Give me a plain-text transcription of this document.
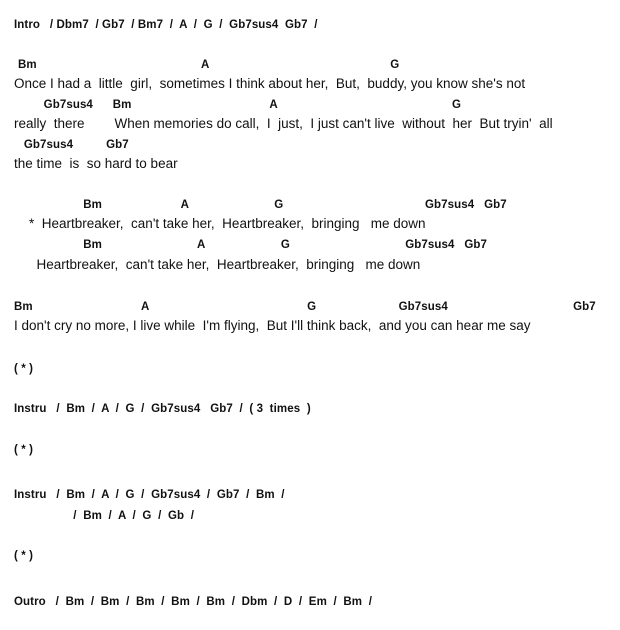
Intro   / Dbm7  / Gb7  / Bm7  /  A  /  G  /  Gb7sus4  Gb7  /
Bm                                                  A                                                       G
Once I had a  little  girl,  sometimes I think about her,  But,  buddy, you know she's not
Gb7sus4      Bm                                          A                                                     G
really  there        When memories do call,  I  just,  I just can't live  without  her  But tryin'  all
Gb7sus4          Gb7
the time  is  so hard to bear
Bm                        A                          G                                           Gb7sus4   Gb7
*  Heartbreaker,  can't take her,  Heartbreaker,  bringing   me down
Bm                             A                       G                                   Gb7sus4   Gb7
Heartbreaker,  can't take her,  Heartbreaker,  bringing   me down
Bm                                 A                                                G                         Gb7sus4                                      Gb7
I don't cry no more, I live while  I'm flying,  But I'll think back,  and you can hear me say
( * )
Instru   /  Bm  /  A  /  G  /  Gb7sus4   Gb7  /  ( 3  times  )
( * )
Instru   /  Bm  /  A  /  G  /  Gb7sus4  /  Gb7  /  Bm  /
/  Bm  /  A  /  G  /  Gb  /
( * )
Outro   /  Bm  /  Bm  /  Bm  /  Bm  /  Bm  /  Dbm  /  D  /  Em  /  Bm  /
